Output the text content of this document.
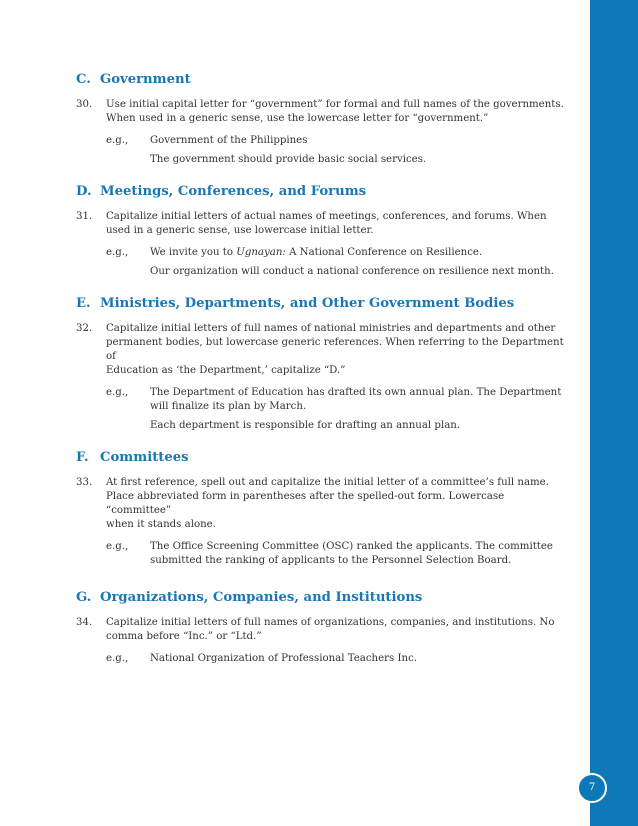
7
C. Government
30.	Use initial capital letter for “government” for formal and full names of the governments.
When used in a generic sense, use the lowercase letter for “government.”
e.g.,	Government of the Philippines
The government should provide basic social services.
D. Meetings, Conferences, and Forums
31.	Capitalize initial letters of actual names of meetings, conferences, and forums. When
used in a generic sense, use lowercase initial letter.
e.g.,	We invite you to Ugnayan: A National Conference on Resilience.
Our organization will conduct a national conference on resilience next month.
E. Ministries, Departments, and Other Government Bodies
32.	Capitalize initial letters of full names of national ministries and departments and other
permanent bodies, but lowercase generic references. When referring to the Department of
Education as ‘the Department,’ capitalize “D.”
e.g.,	The Department of Education has drafted its own annual plan. The Department
will finalize its plan by March.
Each department is responsible for drafting an annual plan.
F. Committees
33.	At first reference, spell out and capitalize the initial letter of a committee’s full name.
Place abbreviated form in parentheses after the spelled-out form. Lowercase “committee”
when it stands alone.
e.g.,	The Office Screening Committee (OSC) ranked the applicants. The committee
submitted the ranking of applicants to the Personnel Selection Board.
G. Organizations, Companies, and Institutions
34.	Capitalize initial letters of full names of organizations, companies, and institutions. No
comma before “Inc.” or “Ltd.”
e.g.,	National Organization of Professional Teachers Inc.
